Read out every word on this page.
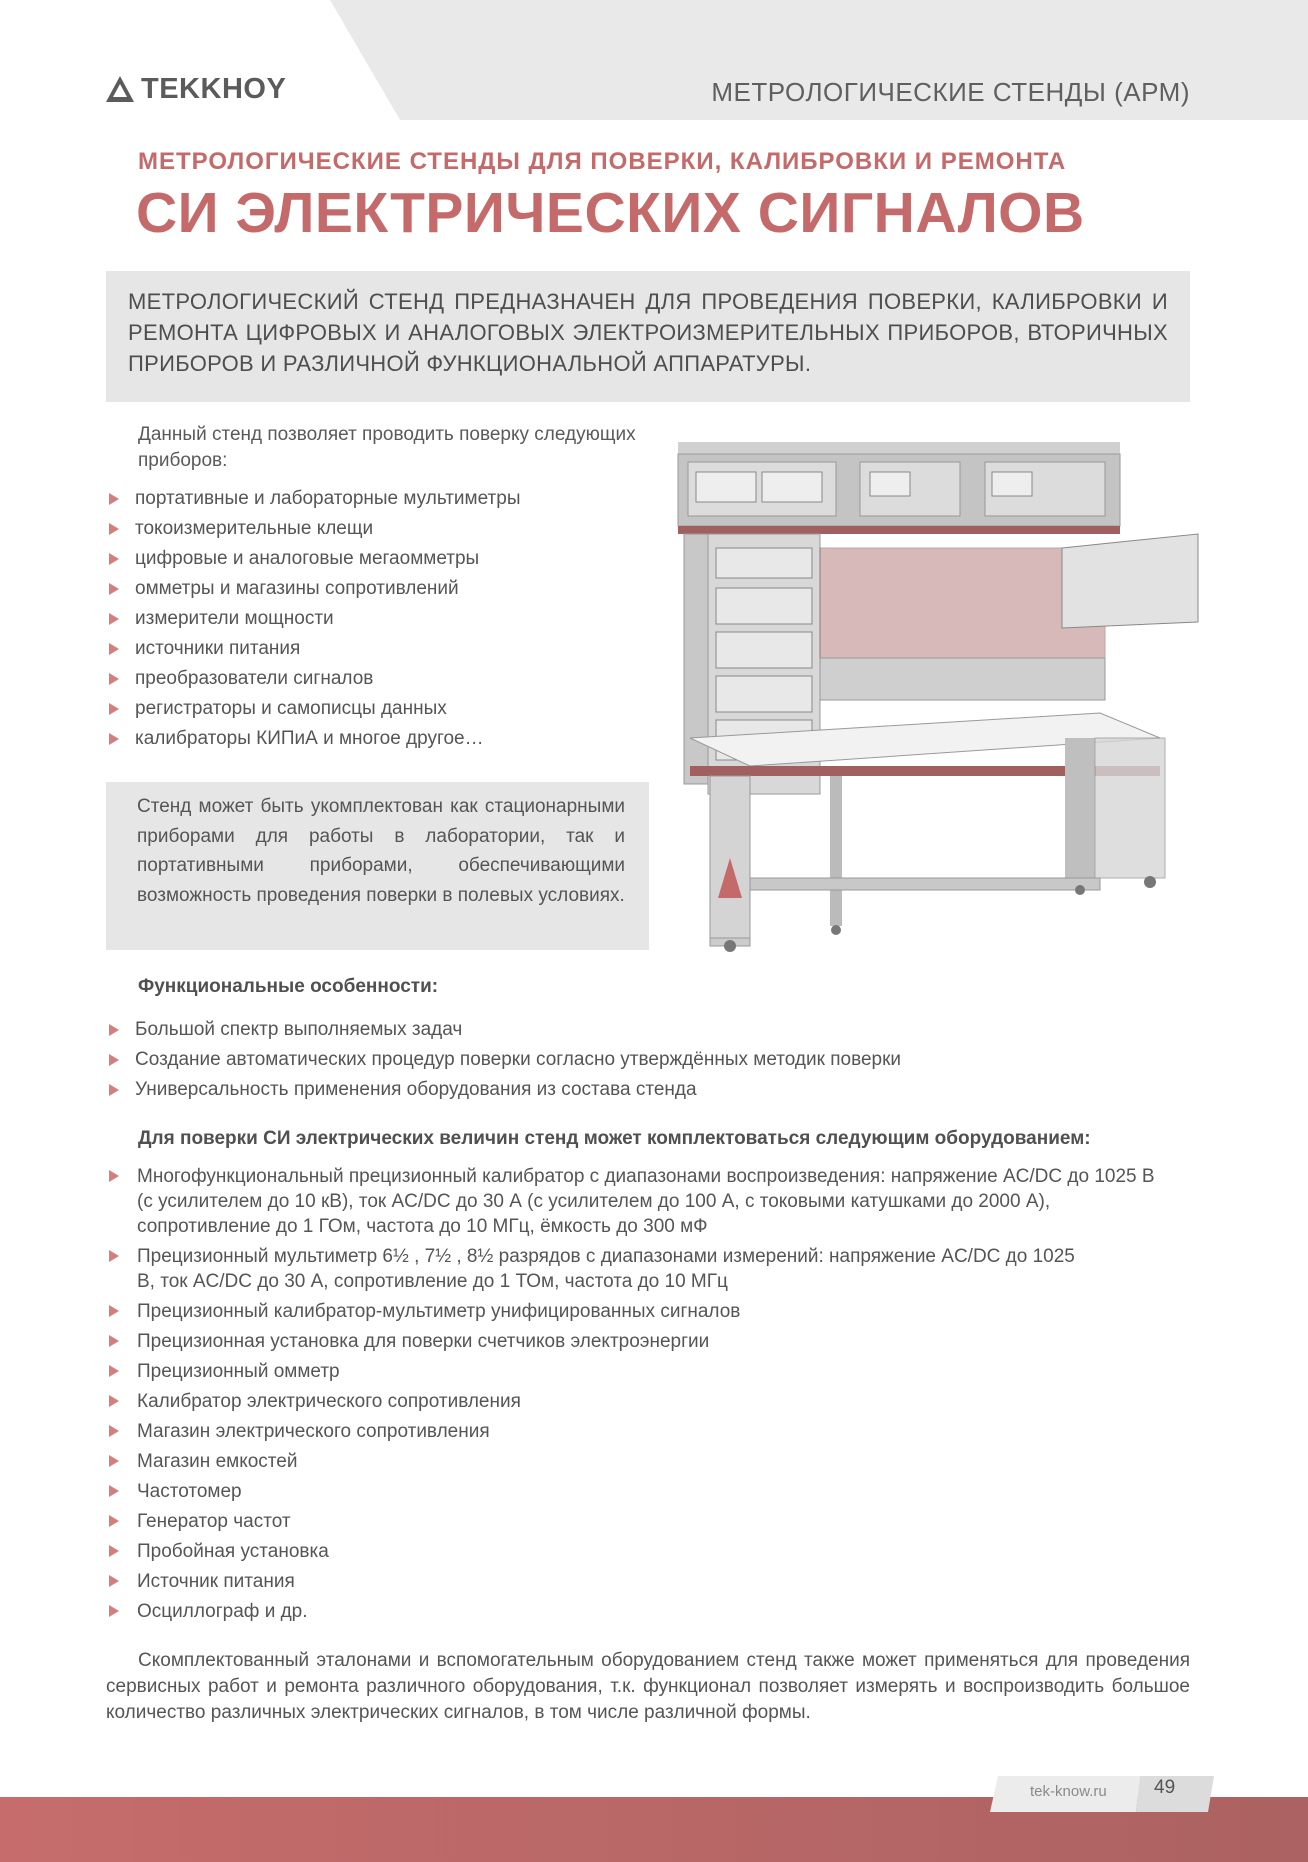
TEKKHOY	МЕТРОЛОГИЧЕСКИЕ СТЕНДЫ (АРМ)
МЕТРОЛОГИЧЕСКИЕ СТЕНДЫ ДЛЯ ПОВЕРКИ, КАЛИБРОВКИ И РЕМОНТА
СИ ЭЛЕКТРИЧЕСКИХ СИГНАЛОВ

МЕТРОЛОГИЧЕСКИЙ СТЕНД ПРЕДНАЗНАЧЕН ДЛЯ ПРОВЕДЕНИЯ ПОВЕРКИ, КАЛИБРОВКИ И РЕМОНТА ЦИФРОВЫХ И АНАЛОГОВЫХ ЭЛЕКТРОИЗМЕРИТЕЛЬНЫХ ПРИБОРОВ, ВТОРИЧНЫХ ПРИБОРОВ И РАЗЛИЧНОЙ ФУНКЦИОНАЛЬНОЙ АППАРАТУРЫ.

Данный стенд позволяет проводить поверку следующих приборов:

портативные и лабораторные мультиметры
токоизмерительные клещи
цифровые и аналоговые мегаомметры
омметры и магазины сопротивлений
измерители мощности
источники питания
преобразователи сигналов
регистраторы и самописцы данных
калибраторы КИПиА и многое другое…

Стенд может быть укомплектован как стационарными приборами для работы в лаборатории, так и портативными приборами, обеспечивающими возможность проведения поверки в полевых условиях.

Функциональные особенности:
Большой спектр выполняемых задач
Создание автоматических процедур поверки согласно утверждённых методик поверки
Универсальность применения оборудования из состава стенда
Для поверки СИ электрических величин стенд может комплектоваться следующим оборудованием:
Многофункциональный прецизионный калибратор с диапазонами воспроизведения: напряжение AC/DC до 1025 В (с усилителем до 10 кВ), ток AC/DC до 30 А (с усилителем до 100 А, с токовыми катушками до 2000 А), сопротивление до 1 ГОм, частота до 10 МГц, ёмкость до 300 мФ
Прецизионный мультиметр 6½ , 7½ , 8½ разрядов с диапазонами измерений: напряжение AC/DC до 1025 В, ток AC/DC до 30 А, сопротивление до 1 ТОм, частота до 10 МГц
Прецизионный калибратор-мультиметр унифицированных сигналов
Прецизионная установка для поверки счетчиков электроэнергии
Прецизионный омметр
Калибратор электрического сопротивления
Магазин электрического сопротивления
Магазин емкостей
Частотомер
Генератор частот
Пробойная установка
Источник питания
Осциллограф и др.

Скомплектованный эталонами и вспомогательным оборудованием стенд также может применяться для проведения сервисных работ и ремонта различного оборудования, т.к. функционал позволяет измерять и воспроизводить большое количество различных электрических сигналов, в том числе различной формы.

tek-know.ru 49
